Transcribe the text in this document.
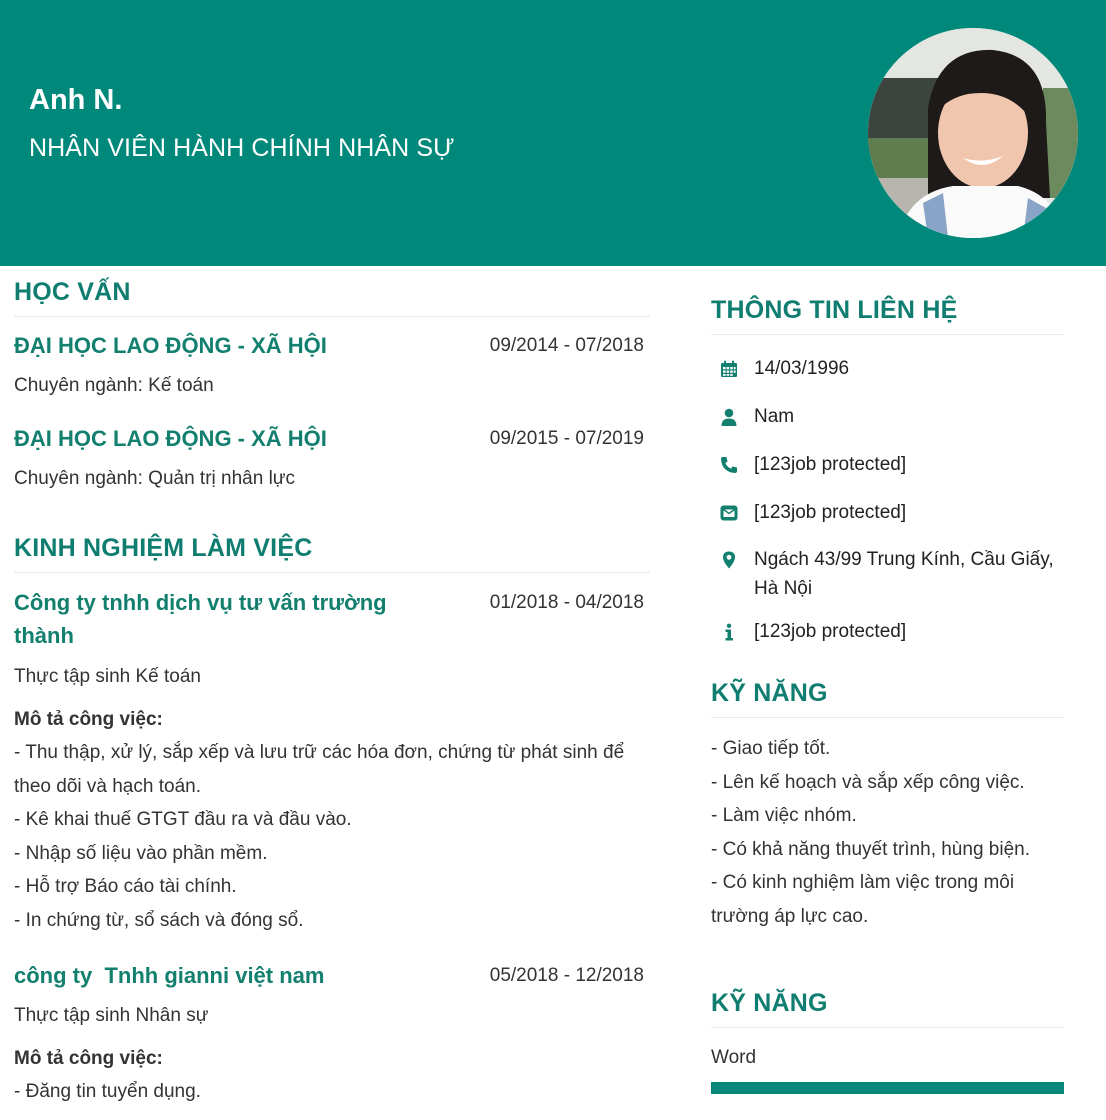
Anh N.
NHÂN VIÊN HÀNH CHÍNH NHÂN SỰ
HỌC VẤN
ĐẠI HỌC LAO ĐỘNG - XÃ HỘI	09/2014 - 07/2018
Chuyên ngành: Kế toán
ĐẠI HỌC LAO ĐỘNG - XÃ HỘI	09/2015 - 07/2019
Chuyên ngành: Quản trị nhân lực
KINH NGHIỆM LÀM VIỆC
Công ty tnhh dịch vụ tư vấn trường thành
01/2018 - 04/2018
Thực tập sinh Kế toán
Mô tả công việc:
- Thu thập, xử lý, sắp xếp và lưu trữ các hóa đơn, chứng từ phát sinh để theo dõi và hạch toán.
- Kê khai thuế GTGT đầu ra và đầu vào.
- Nhập số liệu vào phần mềm.
- Hỗ trợ Báo cáo tài chính.
- In chứng từ, sổ sách và đóng sổ.
công ty  Tnhh gianni việt nam	05/2018 - 12/2018
Thực tập sinh Nhân sự
Mô tả công việc:
- Đăng tin tuyển dụng.
THÔNG TIN LIÊN HỆ
14/03/1996
Nam
[123job protected]
[123job protected]
Ngách 43/99 Trung Kính, Cầu Giấy, Hà Nội
[123job protected]
KỸ NĂNG
- Giao tiếp tốt.
- Lên kế hoạch và sắp xếp công việc.
- Làm việc nhóm.
- Có khả năng thuyết trình, hùng biện.
- Có kinh nghiệm làm việc trong môi trường áp lực cao.
KỸ NĂNG
Word
